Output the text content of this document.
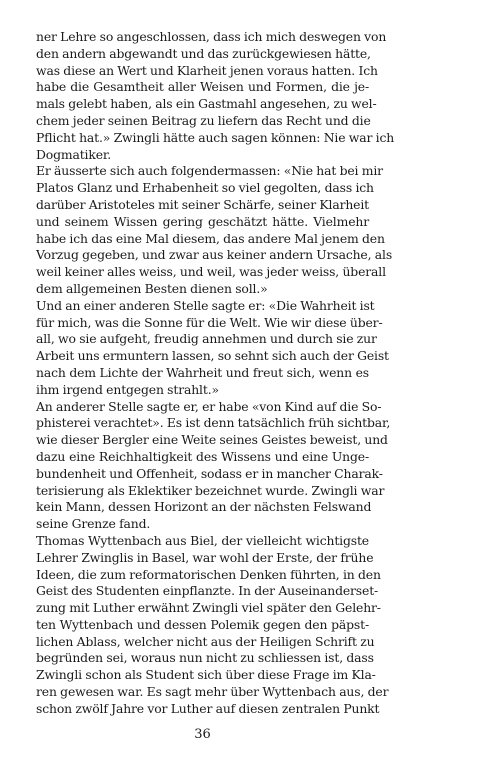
ner Lehre so angeschlossen, dass ich mich deswegen von
den andern abgewandt und das zurückgewiesen hätte,
was diese an Wert und Klarheit jenen voraus hatten. Ich
habe die Gesamtheit aller Weisen und Formen, die je-
mals gelebt haben, als ein Gastmahl angesehen, zu wel-
chem jeder seinen Beitrag zu liefern das Recht und die
Pflicht hat.» Zwingli hätte auch sagen können: Nie war ich
Dogmatiker.
Er äusserte sich auch folgendermassen: «Nie hat bei mir
Platos Glanz und Erhabenheit so viel gegolten, dass ich
darüber Aristoteles mit seiner Schärfe, seiner Klarheit
und seinem Wissen gering geschätzt hätte. Vielmehr
habe ich das eine Mal diesem, das andere Mal jenem den
Vorzug gegeben, und zwar aus keiner andern Ursache, als
weil keiner alles weiss, und weil, was jeder weiss, überall
dem allgemeinen Besten dienen soll.»
Und an einer anderen Stelle sagte er: «Die Wahrheit ist
für mich, was die Sonne für die Welt. Wie wir diese über-
all, wo sie aufgeht, freudig annehmen und durch sie zur
Arbeit uns ermuntern lassen, so sehnt sich auch der Geist
nach dem Lichte der Wahrheit und freut sich, wenn es
ihm irgend entgegen strahlt.»
An anderer Stelle sagte er, er habe «von Kind auf die So-
phisterei verachtet». Es ist denn tatsächlich früh sichtbar,
wie dieser Bergler eine Weite seines Geistes beweist, und
dazu eine Reichhaltigkeit des Wissens und eine Unge-
bundenheit und Offenheit, sodass er in mancher Charak-
terisierung als Eklektiker bezeichnet wurde. Zwingli war
kein Mann, dessen Horizont an der nächsten Felswand
seine Grenze fand.
Thomas Wyttenbach aus Biel, der vielleicht wichtigste
Lehrer Zwinglis in Basel, war wohl der Erste, der frühe
Ideen, die zum reformatorischen Denken führten, in den
Geist des Studenten einpflanzte. In der Auseinanderset-
zung mit Luther erwähnt Zwingli viel später den Gelehr-
ten Wyttenbach und dessen Polemik gegen den päpst-
lichen Ablass, welcher nicht aus der Heiligen Schrift zu
begründen sei, woraus nun nicht zu schliessen ist, dass
Zwingli schon als Student sich über diese Frage im Kla-
ren gewesen war. Es sagt mehr über Wyttenbach aus, der
schon zwölf Jahre vor Luther auf diesen zentralen Punkt
36
